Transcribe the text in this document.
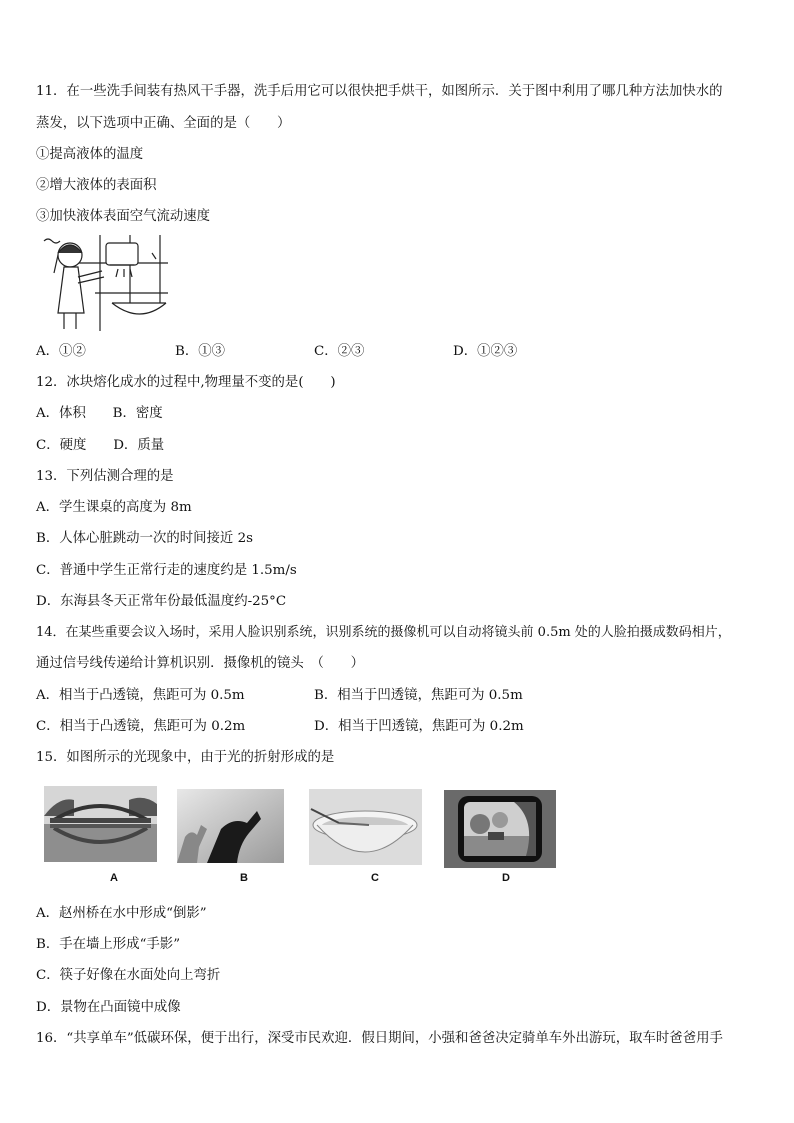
11．在一些洗手间装有热风干手器，洗手后用它可以很快把手烘干，如图所示．关于图中利用了哪几种方法加快水的
蒸发，以下选项中正确、全面的是（　　）
①提高液体的温度
②增大液体的表面积
③加快液体表面空气流动速度
A．①②	B．①③	C．②③	D．①②③
12．冰块熔化成水的过程中,物理量不变的是(　　)
A．体积　　B．密度
C．硬度　　D．质量
13．下列估测合理的是
A．学生课桌的高度为 8m
B．人体心脏跳动一次的时间接近 2s
C．普通中学生正常行走的速度约是 1.5m/s
D．东海县冬天正常年份最低温度约-25°C
14．在某些重要会议入场时，采用人脸识别系统，识别系统的摄像机可以自动将镜头前 0.5m 处的人脸拍摄成数码相片，
通过信号线传递给计算机识别．摄像机的镜头　（　　）
A．相当于凸透镜，焦距可为 0.5m	B．相当于凹透镜，焦距可为 0.5m
C．相当于凸透镜，焦距可为 0.2m	D．相当于凹透镜，焦距可为 0.2m
15．如图所示的光现象中，由于光的折射形成的是
A	B	C	D
A．赵州桥在水中形成“倒影”
B．手在墙上形成“手影”
C．筷子好像在水面处向上弯折
D．景物在凸面镜中成像
16．“共享单车”低碳环保，便于出行，深受市民欢迎．假日期间，小强和爸爸决定骑单车外出游玩，取车时爸爸用手
